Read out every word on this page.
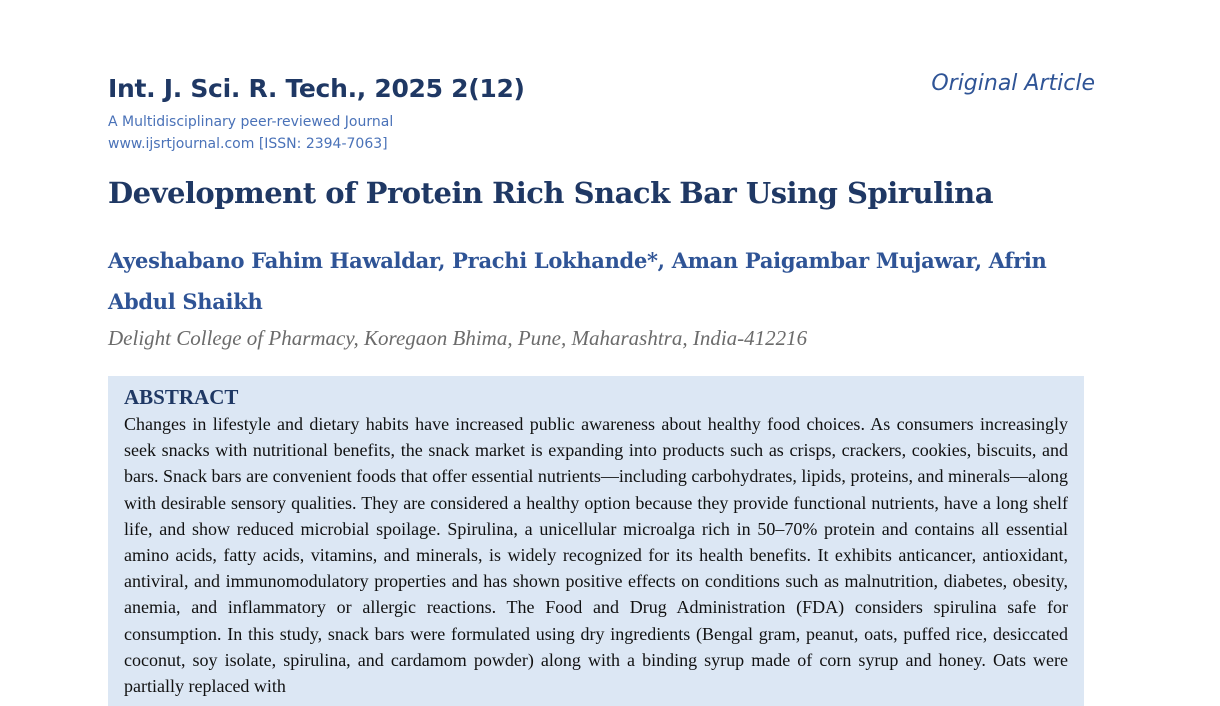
Int. J. Sci. R. Tech., 2025 2(12)	Original Article
A Multidisciplinary peer-reviewed Journal
www.ijsrtjournal.com [ISSN: 2394-7063]
Development of Protein Rich Snack Bar Using Spirulina
Ayeshabano Fahim Hawaldar, Prachi Lokhande*, Aman Paigambar Mujawar, Afrin Abdul Shaikh
Delight College of Pharmacy, Koregaon Bhima, Pune, Maharashtra, India-412216
ABSTRACT

Changes in lifestyle and dietary habits have increased public awareness about healthy food choices. As consumers increasingly seek snacks with nutritional benefits, the snack market is expanding into products such as crisps, crackers, cookies, biscuits, and bars. Snack bars are convenient foods that offer essential nutrients—including carbohydrates, lipids, proteins, and minerals—along with desirable sensory qualities. They are considered a healthy option because they provide functional nutrients, have a long shelf life, and show reduced microbial spoilage. Spirulina, a unicellular microalga rich in 50–70% protein and contains all essential amino acids, fatty acids, vitamins, and minerals, is widely recognized for its health benefits. It exhibits anticancer, antioxidant, antiviral, and immunomodulatory properties and has shown positive effects on conditions such as malnutrition, diabetes, obesity, anemia, and inflammatory or allergic reactions. The Food and Drug Administration (FDA) considers spirulina safe for consumption. In this study, snack bars were formulated using dry ingredients (Bengal gram, peanut, oats, puffed rice, desiccated coconut, soy isolate, spirulina, and cardamom powder) along with a binding syrup made of corn syrup and honey. Oats were partially replaced with
